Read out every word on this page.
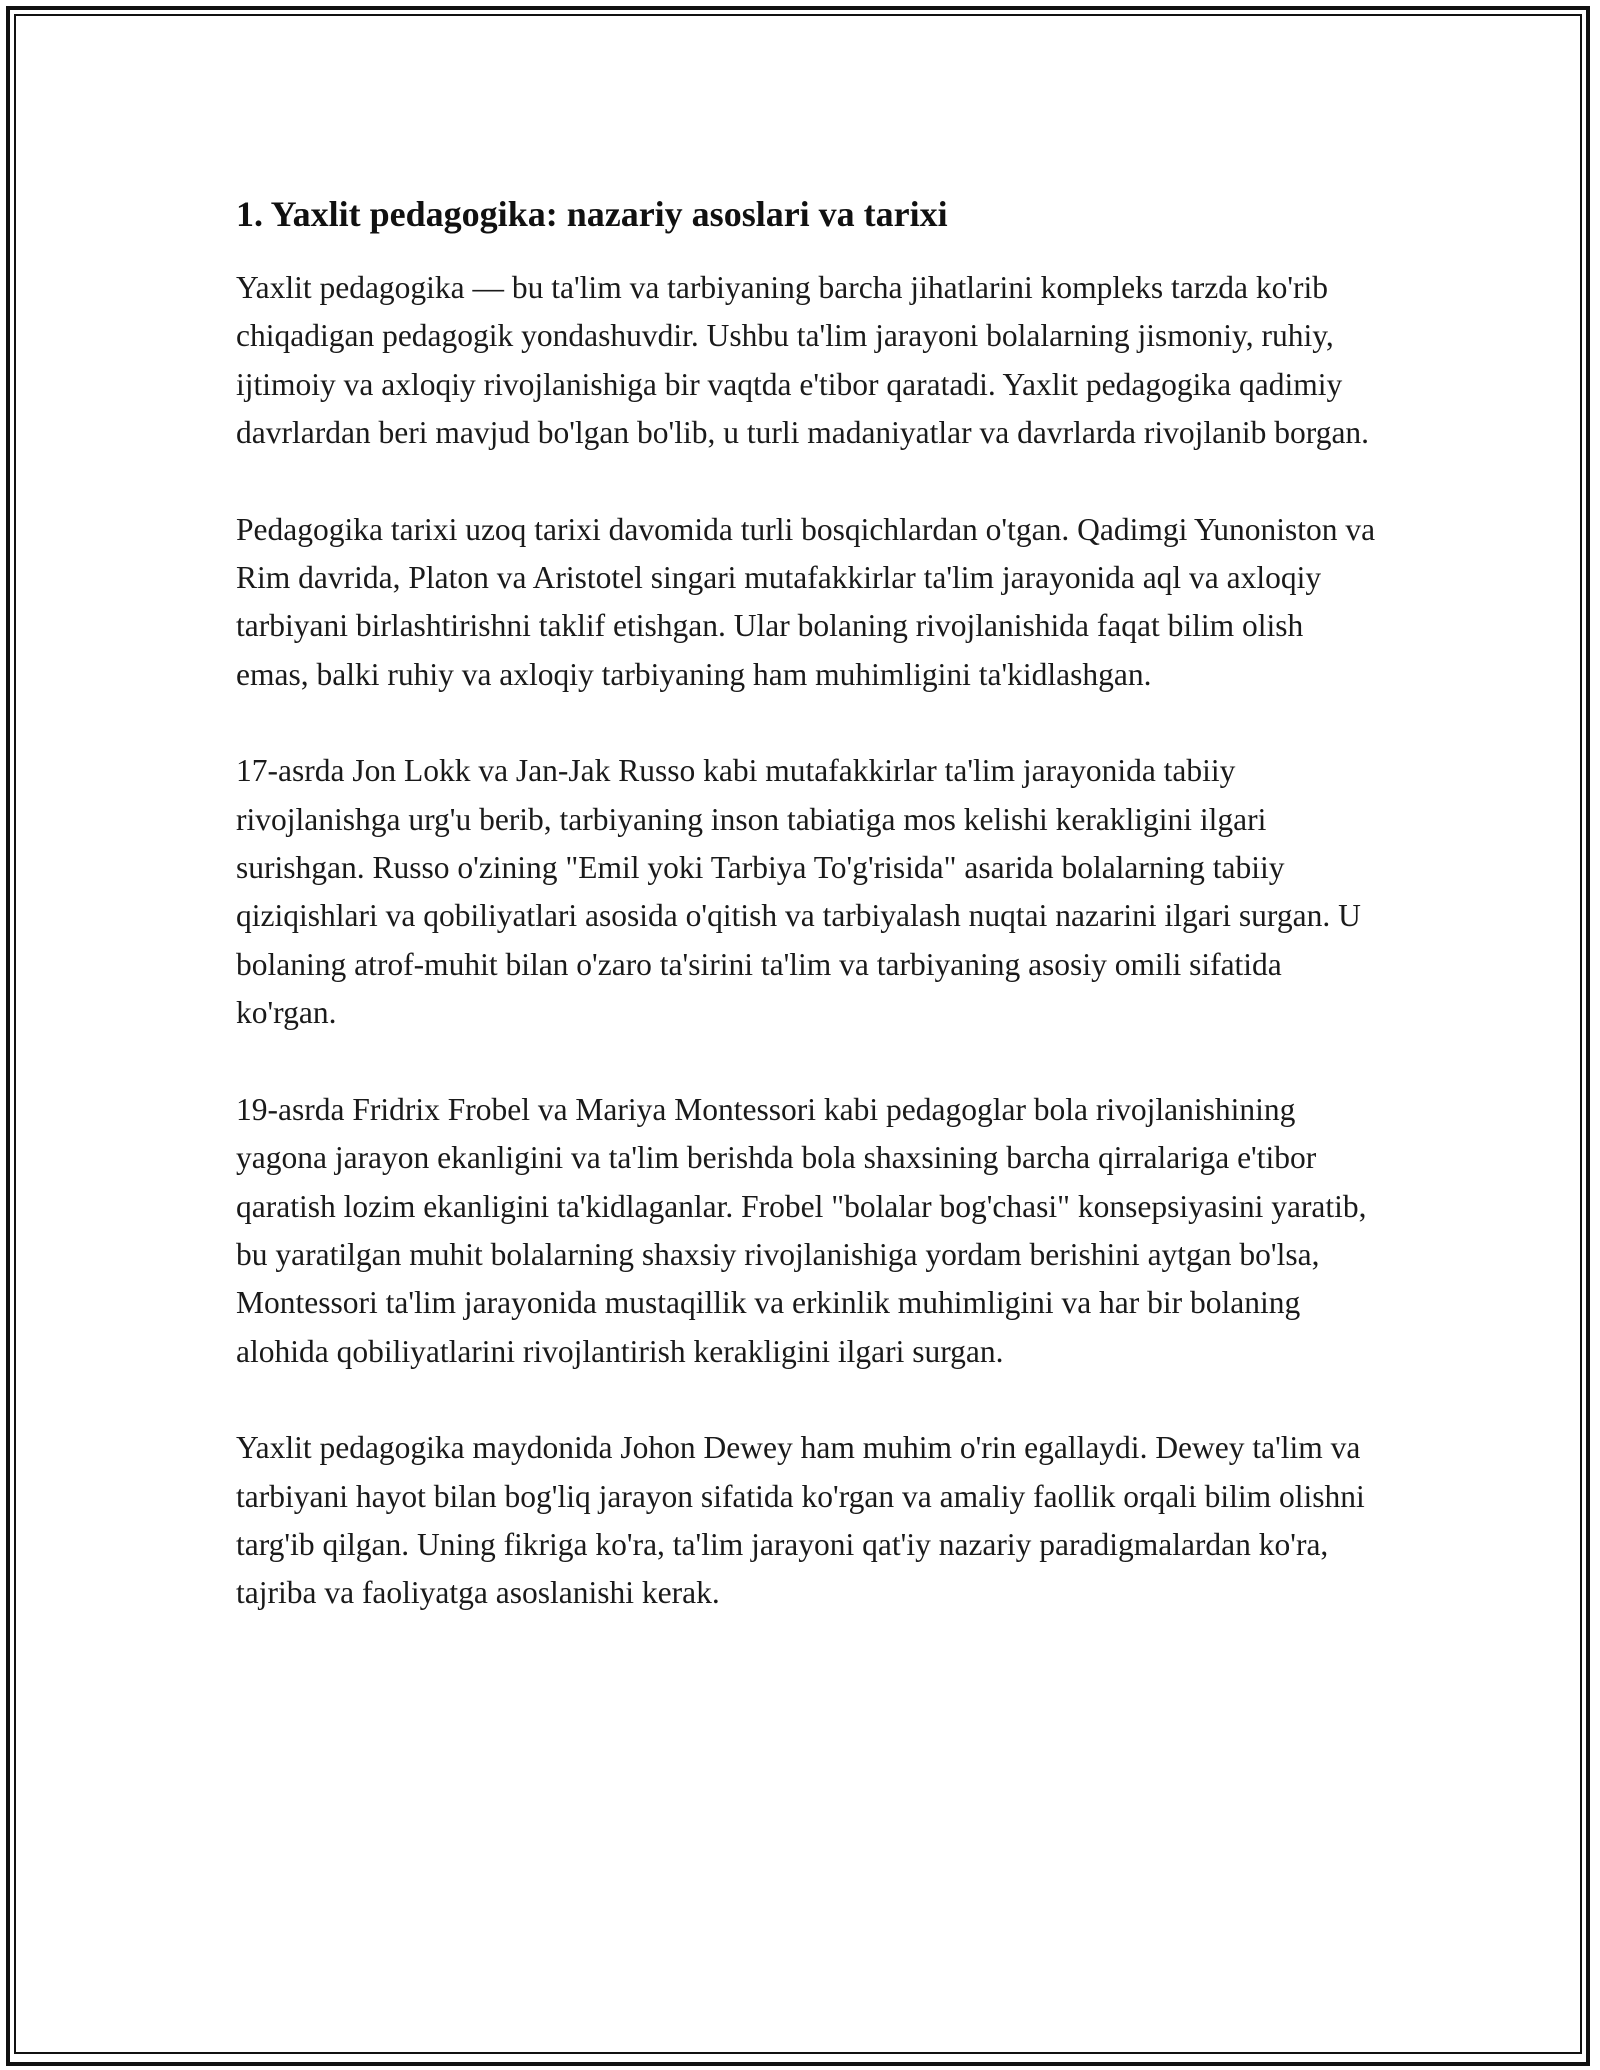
1. Yaxlit pedagogika: nazariy asoslari va tarixi

Yaxlit pedagogika — bu ta'lim va tarbiyaning barcha jihatlarini kompleks tarzda ko'rib chiqadigan pedagogik yondashuvdir. Ushbu ta'lim jarayoni bolalarning jismoniy, ruhiy, ijtimoiy va axloqiy rivojlanishiga bir vaqtda e'tibor qaratadi. Yaxlit pedagogika qadimiy davrlardan beri mavjud bo'lgan bo'lib, u turli madaniyatlar va davrlarda rivojlanib borgan.

Pedagogika tarixi uzoq tarixi davomida turli bosqichlardan o'tgan. Qadimgi Yunoniston va Rim davrida, Platon va Aristotel singari mutafakkirlar ta'lim jarayonida aql va axloqiy tarbiyani birlashtirishni taklif etishgan. Ular bolaning rivojlanishida faqat bilim olish emas, balki ruhiy va axloqiy tarbiyaning ham muhimligini ta'kidlashgan.

17-asrda Jon Lokk va Jan-Jak Russo kabi mutafakkirlar ta'lim jarayonida tabiiy rivojlanishga urg'u berib, tarbiyaning inson tabiatiga mos kelishi kerakligini ilgari surishgan. Russo o'zining "Emil yoki Tarbiya To'g'risida" asarida bolalarning tabiiy qiziqishlari va qobiliyatlari asosida o'qitish va tarbiyalash nuqtai nazarini ilgari surgan. U bolaning atrof-muhit bilan o'zaro ta'sirini ta'lim va tarbiyaning asosiy omili sifatida ko'rgan.

19-asrda Fridrix Frobel va Mariya Montessori kabi pedagoglar bola rivojlanishining yagona jarayon ekanligini va ta'lim berishda bola shaxsining barcha qirralariga e'tibor qaratish lozim ekanligini ta'kidlaganlar. Frobel "bolalar bog'chasi" konsepsiyasini yaratib, bu yaratilgan muhit bolalarning shaxsiy rivojlanishiga yordam berishini aytgan bo'lsa, Montessori ta'lim jarayonida mustaqillik va erkinlik muhimligini va har bir bolaning alohida qobiliyatlarini rivojlantirish kerakligini ilgari surgan.

Yaxlit pedagogika maydonida Johon Dewey ham muhim o'rin egallaydi. Dewey ta'lim va tarbiyani hayot bilan bog'liq jarayon sifatida ko'rgan va amaliy faollik orqali bilim olishni targ'ib qilgan. Uning fikriga ko'ra, ta'lim jarayoni qat'iy nazariy paradigmalardan ko'ra, tajriba va faoliyatga asoslanishi kerak.
